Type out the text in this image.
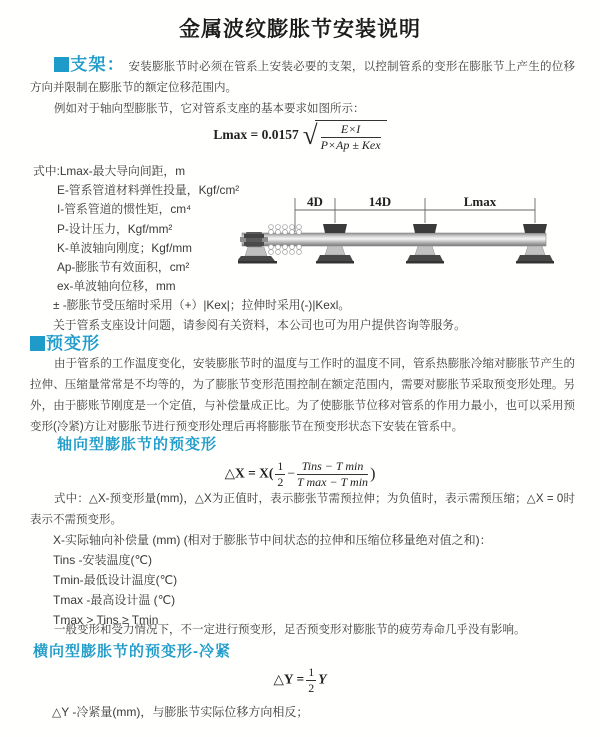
金属波纹膨胀节安装说明

支架： 安装膨胀节时必须在管系上安装必要的支架，以控制管系的变形在膨胀节上产生的位移方向并限制在膨胀节的额定位移范围内。

例如对于轴向型膨胀节，它对管系支座的基本要求如图所示：

Lmax = 0.0157 √ $\frac{E\times I}{\text{P×Ap ± Kex}}$
式中:Lmax-最大导向间距，m
E-管系管道材料弹性投量，Kgf/cm²
I-管系管道的惯性矩，cm⁴
P-设计压力，Kgf/mm²
K-单波轴向刚度；Kgf/mm
Ap-膨胀节有效面积，cm²
ex-单波轴向位移，mm
± -膨胀节受压缩时采用（+）|Kex|；拉伸时采用(-)|Kexl。
关于管系支座设计问题，请参阅有关资料，本公司也可为用户提供咨询等服务。
4D	14D	Lmax
预变形

由于管系的工作温度变化，安装膨胀节时的温度与工作时的温度不同，管系热膨胀冷缩对膨胀节产生的拉伸、压缩量常常是不均等的，为了膨胀节变形范围控制在额定范围内，需要对膨胀节采取预变形处理。另外，由于膨账节刚度是一个定值，与补偿量成正比。为了使膨胀节位移对管系的作用力最小，也可以采用预变形(冷紧)方让对膨胀节进行预变形处理后再将膨胀节在预变形状态下安装在管系中。

轴向型膨胀节的预变形
△X = $X( \frac{1}{2} - \frac{\text{Tins − T min}}{\text{T max − T min}}$ )

式中：△X-预变形量(mm)，△X为正值时，表示膨张节需预拉伸；为负值时，表示需预压缩；△X = 0时表示不需预变形。

X-实际轴向补偿量 (mm) (相对于膨胀节中间状态的拉伸和压缩位移量绝对值之和)：
Tins -安装温度(℃)
Tmin-最低设计温度(℃)
Tmax -最高设计温 (℃)
Tmax > Tins ≥ Tmin

一般变形和受力情况下，不一定进行预变形，足否预变形对膨胀节的疲劳寿命几乎没有影响。

横向型膨胀节的预变形-冷紧
△Y = $\frac{1}{2}$ Y

△Y -冷紧量(mm)，与膨胀节实际位移方向相反；
